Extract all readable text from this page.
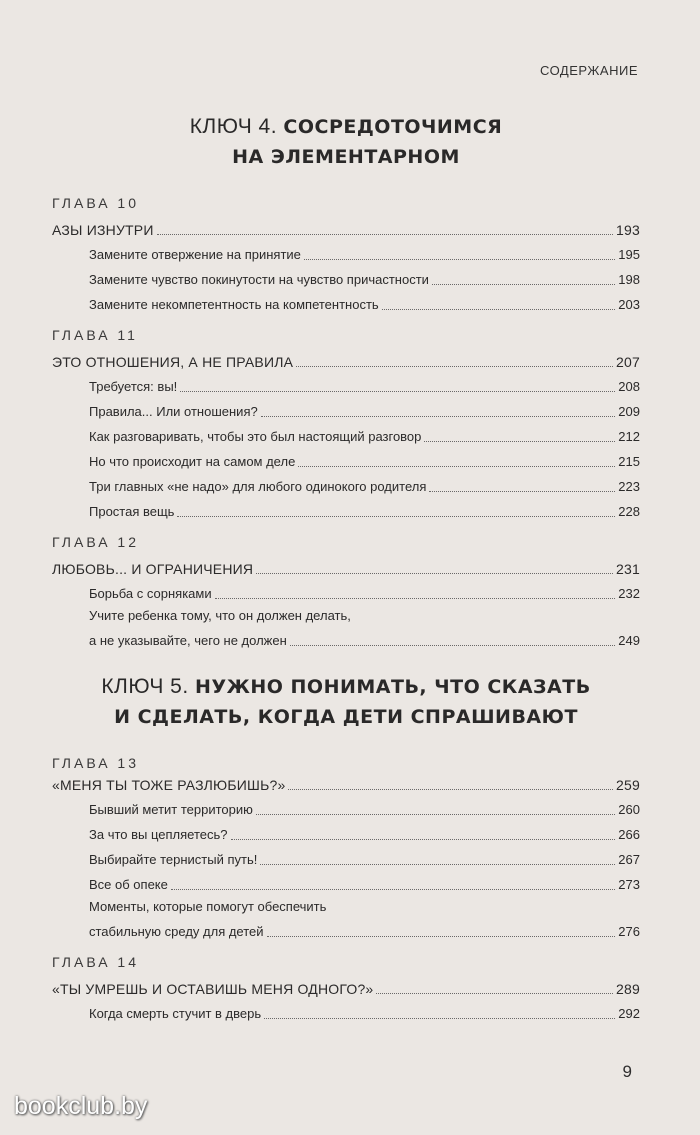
СОДЕРЖАНИЕ
КЛЮЧ 4. СОСРЕДОТОЧИМСЯ
НА ЭЛЕМЕНТАРНОМ
ГЛАВА 10
АЗЫ ИЗНУТРИ	193
Замените отвержение на принятие	195
Замените чувство покинутости на чувство причастности	198
Замените некомпетентность на компетентность	203
ГЛАВА 11
ЭТО ОТНОШЕНИЯ, А НЕ ПРАВИЛА	207
Требуется: вы!	208
Правила... Или отношения?	209
Как разговаривать, чтобы это был настоящий разговор	212
Но что происходит на самом деле	215
Три главных «не надо» для любого одинокого родителя	223
Простая вещь	228
ГЛАВА 12
ЛЮБОВЬ... И ОГРАНИЧЕНИЯ	231
Борьба с сорняками	232
Учите ребенка тому, что он должен делать,
а не указывайте, чего не должен	249
КЛЮЧ 5. НУЖНО ПОНИМАТЬ, ЧТО СКАЗАТЬ
И СДЕЛАТЬ, КОГДА ДЕТИ СПРАШИВАЮТ
ГЛАВА 13
«МЕНЯ ТЫ ТОЖЕ РАЗЛЮБИШЬ?»	259
Бывший метит территорию	260
За что вы цепляетесь?	266
Выбирайте тернистый путь!	267
Все об опеке	273
Моменты, которые помогут обеспечить
стабильную среду для детей	276
ГЛАВА 14
«ТЫ УМРЕШЬ И ОСТАВИШЬ МЕНЯ ОДНОГО?»	289
Когда смерть стучит в дверь	292
9
bookclub.by
